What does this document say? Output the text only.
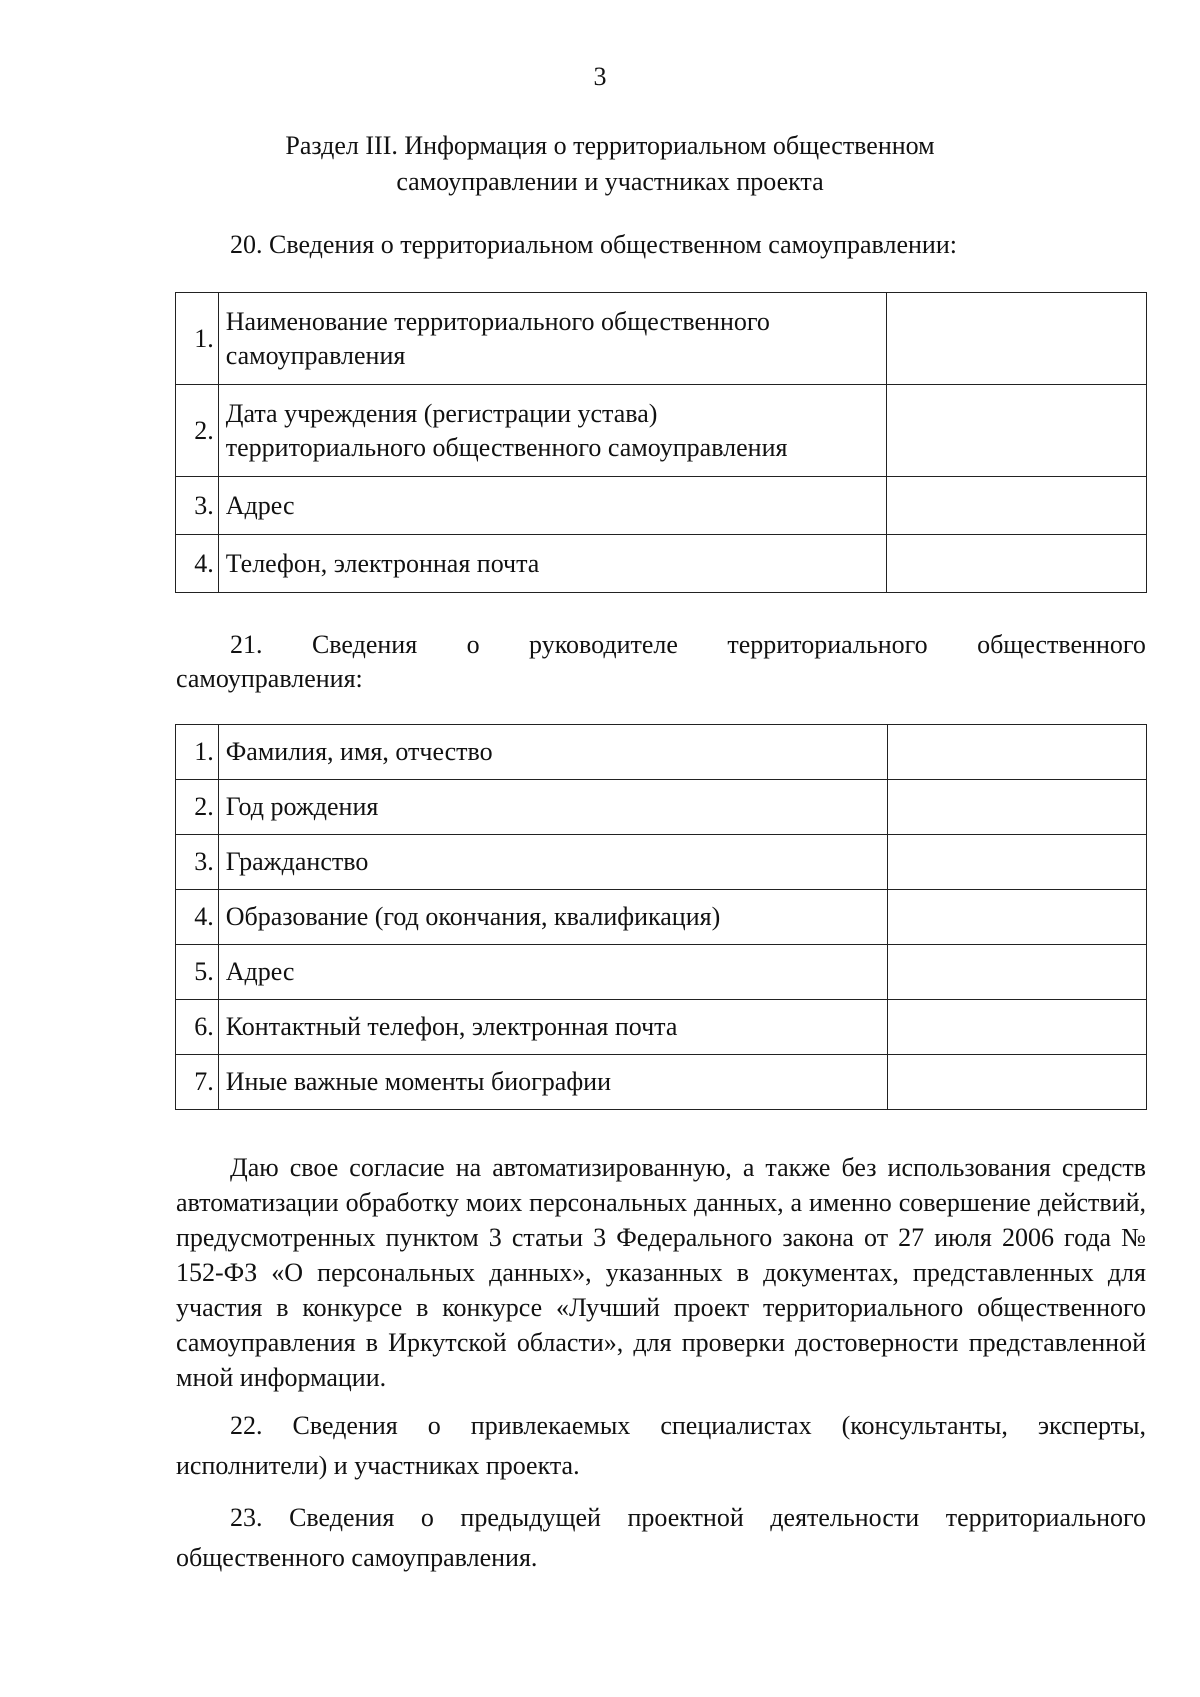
3
Раздел III. Информация о территориальном общественном
самоуправлении и участниках проекта
20. Сведения о территориальном общественном самоуправлении:
1.	Наименование территориального общественного
самоуправления	

2.	Дата учреждения (регистрации устава)
территориального общественного самоуправления	

3.	Адрес	
4.	Телефон, электронная почта	
21. Сведения о руководителе территориального общественного
самоуправления:
1.	Фамилия, имя, отчество	
2.	Год рождения	
3.	Гражданство	
4.	Образование (год окончания, квалификация)	
5.	Адрес	
6.	Контактный телефон, электронная почта	
7.	Иные важные моменты биографии	
Даю свое согласие на автоматизированную, а также без использования средств автоматизации обработку моих персональных данных, а именно совершение действий, предусмотренных пунктом 3 статьи 3 Федерального закона от 27 июля 2006 года № 152-ФЗ «О персональных данных», указанных в документах, представленных для участия в конкурсе в конкурсе «Лучший проект территориального общественного самоуправления в Иркутской области», для проверки достоверности представленной мной информации.
22. Сведения о привлекаемых специалистах (консультанты, эксперты, исполнители) и участниках проекта.
23. Сведения о предыдущей проектной деятельности территориального общественного самоуправления.
